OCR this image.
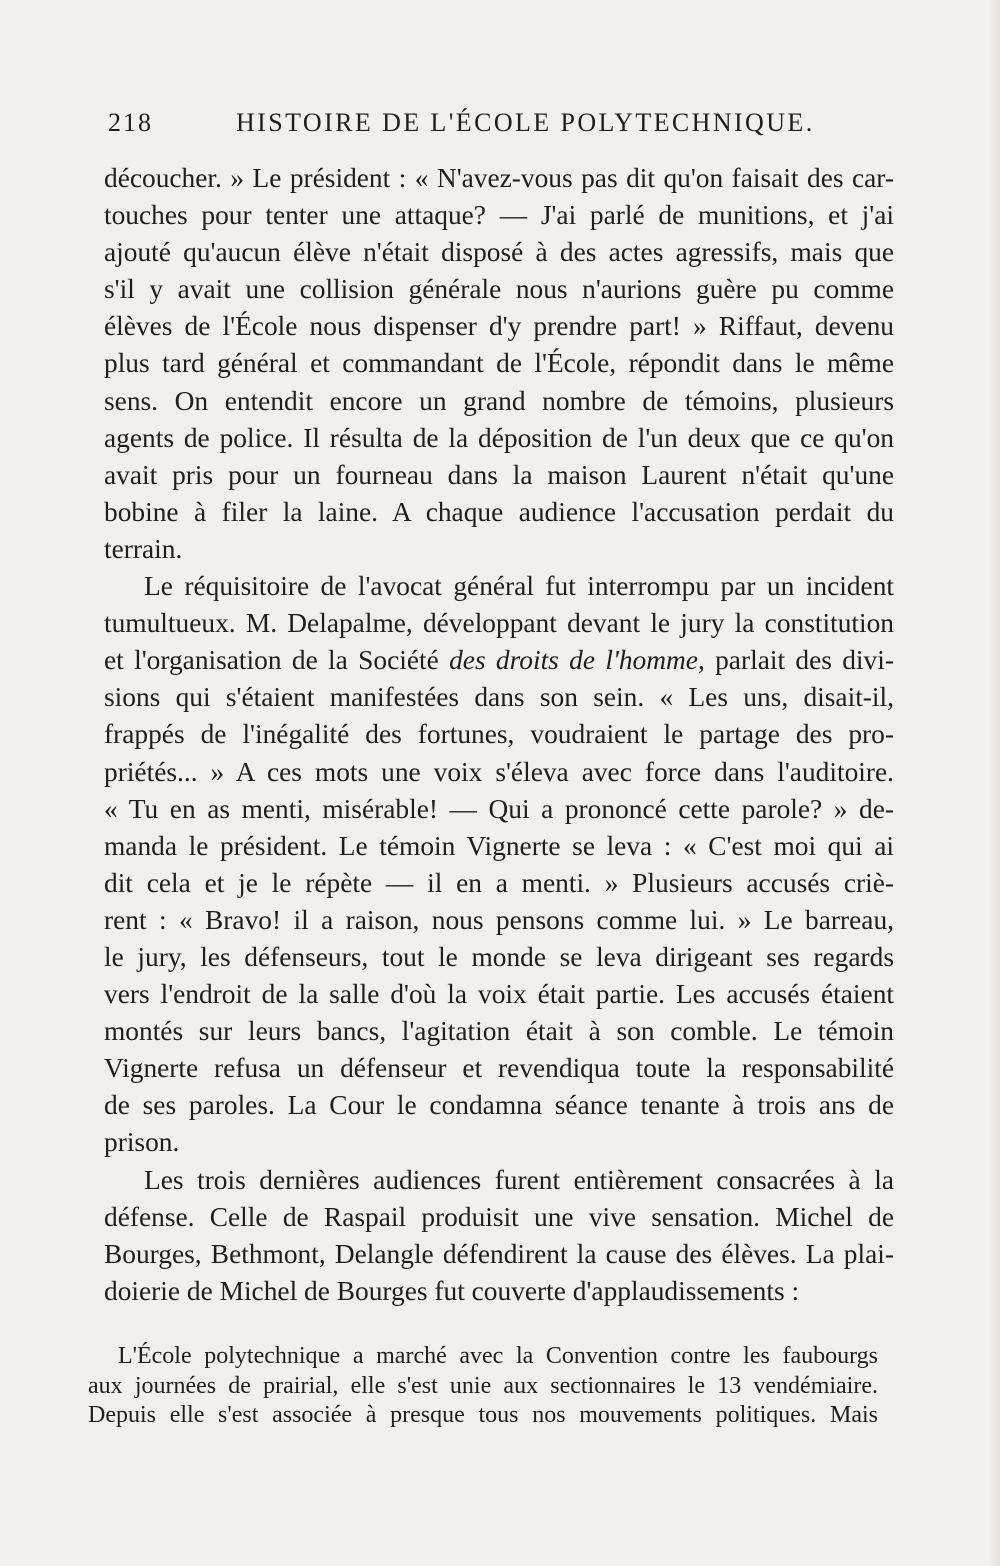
218	HISTOIRE DE L'ÉCOLE POLYTECHNIQUE.
découcher. » Le président : « N'avez-vous pas dit qu'on faisait des car-
touches pour tenter une attaque? — J'ai parlé de munitions, et j'ai
ajouté qu'aucun élève n'était disposé à des actes agressifs, mais que
s'il y avait une collision générale nous n'aurions guère pu comme
élèves de l'École nous dispenser d'y prendre part! » Riffaut, devenu
plus tard général et commandant de l'École, répondit dans le même
sens. On entendit encore un grand nombre de témoins, plusieurs
agents de police. Il résulta de la déposition de l'un deux que ce qu'on
avait pris pour un fourneau dans la maison Laurent n'était qu'une
bobine à filer la laine. A chaque audience l'accusation perdait du
terrain.
Le réquisitoire de l'avocat général fut interrompu par un incident
tumultueux. M. Delapalme, développant devant le jury la constitution
et l'organisation de la Société des droits de l'homme, parlait des divi-
sions qui s'étaient manifestées dans son sein. « Les uns, disait-il,
frappés de l'inégalité des fortunes, voudraient le partage des pro-
priétés... » A ces mots une voix s'éleva avec force dans l'auditoire.
« Tu en as menti, misérable! — Qui a prononcé cette parole? » de-
manda le président. Le témoin Vignerte se leva : « C'est moi qui ai
dit cela et je le répète — il en a menti. » Plusieurs accusés criè-
rent : « Bravo! il a raison, nous pensons comme lui. » Le barreau,
le jury, les défenseurs, tout le monde se leva dirigeant ses regards
vers l'endroit de la salle d'où la voix était partie. Les accusés étaient
montés sur leurs bancs, l'agitation était à son comble. Le témoin
Vignerte refusa un défenseur et revendiqua toute la responsabilité
de ses paroles. La Cour le condamna séance tenante à trois ans de
prison.
Les trois dernières audiences furent entièrement consacrées à la
défense. Celle de Raspail produisit une vive sensation. Michel de
Bourges, Bethmont, Delangle défendirent la cause des élèves. La plai-
doierie de Michel de Bourges fut couverte d'applaudissements :
L'École polytechnique a marché avec la Convention contre les faubourgs
aux journées de prairial, elle s'est unie aux sectionnaires le 13 vendémiaire.
Depuis elle s'est associée à presque tous nos mouvements politiques. Mais
